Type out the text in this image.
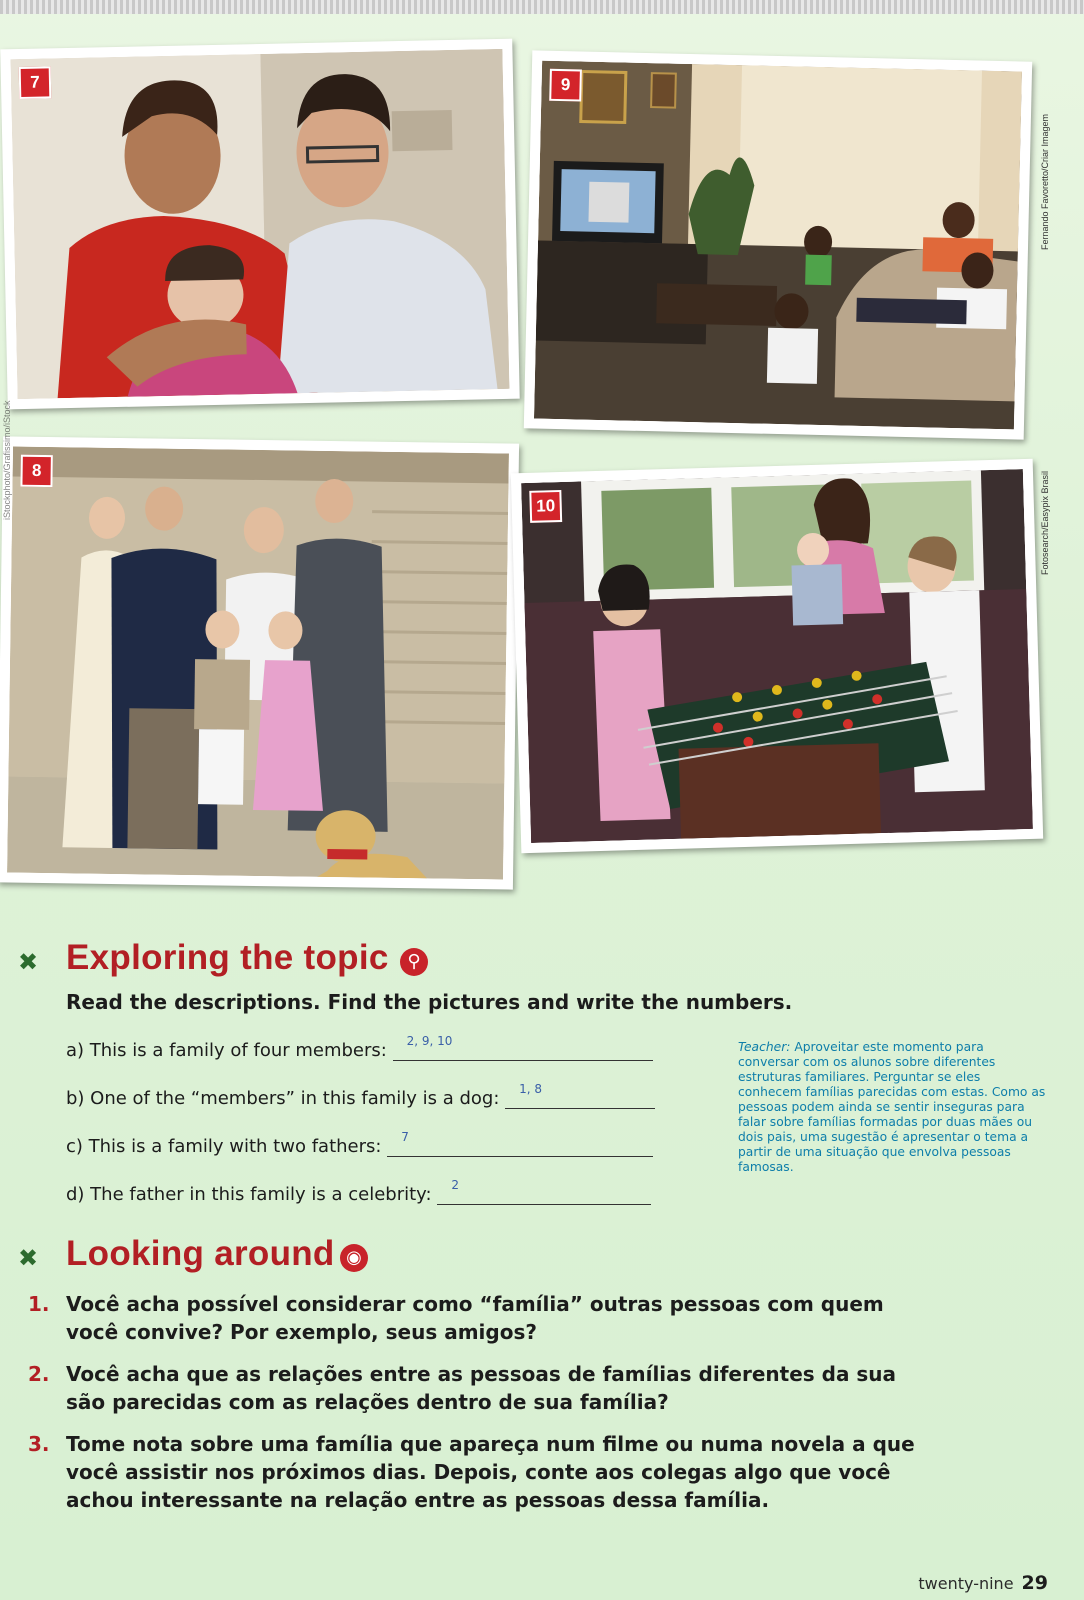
7	9
8
10
Fernando Favoretto/Criar Imagem
Fotosearch/Easypix Brasil
iStockphoto/Grafissimo/iStock
✖ Exploring the topic	⚲
Read the descriptions. Find the pictures and write the numbers.
a) This is a family of four members: 2, 9, 10
b) One of the “members” in this family is a dog: 1, 8
c) This is a family with two fathers: 7
d) The father in this family is a celebrity: 2
Teacher: Aproveitar este momento para conversar com os alunos sobre diferentes estruturas familiares. Perguntar se eles conhecem famílias parecidas com estas. Como as pessoas podem ainda se sentir inseguras para falar sobre famílias formadas por duas mães ou dois pais, uma sugestão é apresentar o tema a partir de uma situação que envolva pessoas famosas.
✖ Looking around ◉
1. Você acha possível considerar como “família” outras pessoas com quem você convive? Por exemplo, seus amigos?
2. Você acha que as relações entre as pessoas de famílias diferentes da sua são parecidas com as relações dentro de sua família?
3. Tome nota sobre uma família que apareça num filme ou numa novela a que você assistir nos próximos dias. Depois, conte aos colegas algo que você achou interessante na relação entre as pessoas dessa família.
twenty-nine 29
